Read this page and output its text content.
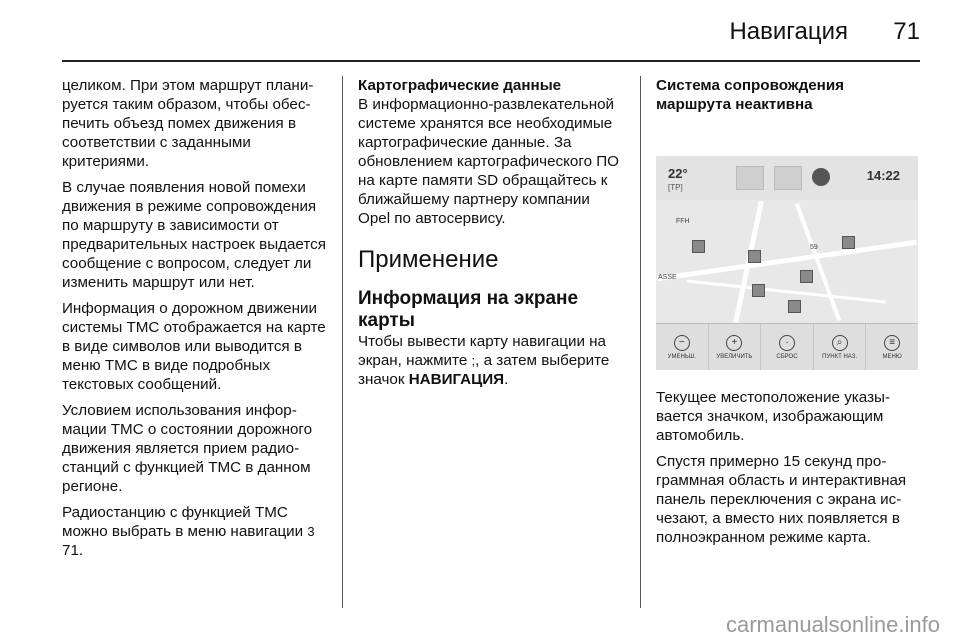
Навигация 71

целиком. При этом маршрут планируется таким образом, чтобы обеспечить объезд помех движения в соответствии с заданными критериями.

В случае появления новой помехи движения в режиме сопровождения по маршруту в зависимости от предварительных настроек выдается сообщение с вопросом, следует ли изменить маршрут или нет.

Информация о дорожном движении системы TMC отображается на карте в виде символов или выводится в меню TMC в виде подробных текстовых сообщений.

Условием использования информации TMC о состоянии дорожного движения является прием радиостанций с функцией TMC в данном регионе.

Радиостанцию с функцией TMC можно выбрать в меню навигации 3 71.

Картографические данные

В информационно-развлекательной системе хранятся все необходимые картографические данные. За обновлением картографического ПО на карте памяти SD обращайтесь к ближайшему партнеру компании Opel по автосервису.

Применение
Информация на экране карты

Чтобы вывести карту навигации на экран, нажмите ;, а затем выберите значок НАВИГАЦИЯ.

Система сопровождения маршрута неактивна
22°
[TP]
14:22
FFH
ASSE
59
−
УМЕНЬШ.
+
УВЕЛИЧИТЬ
·
СБРОС
⌕
ПУНКТ НАЗ.
≡
МЕНЮ

Текущее местоположение указывается значком, изображающим автомобиль.

Спустя примерно 15 секунд программная область и интерактивная панель переключения с экрана исчезают, а вместо них появляется в полноэкранном режиме карта.

carmanualsonline.info
